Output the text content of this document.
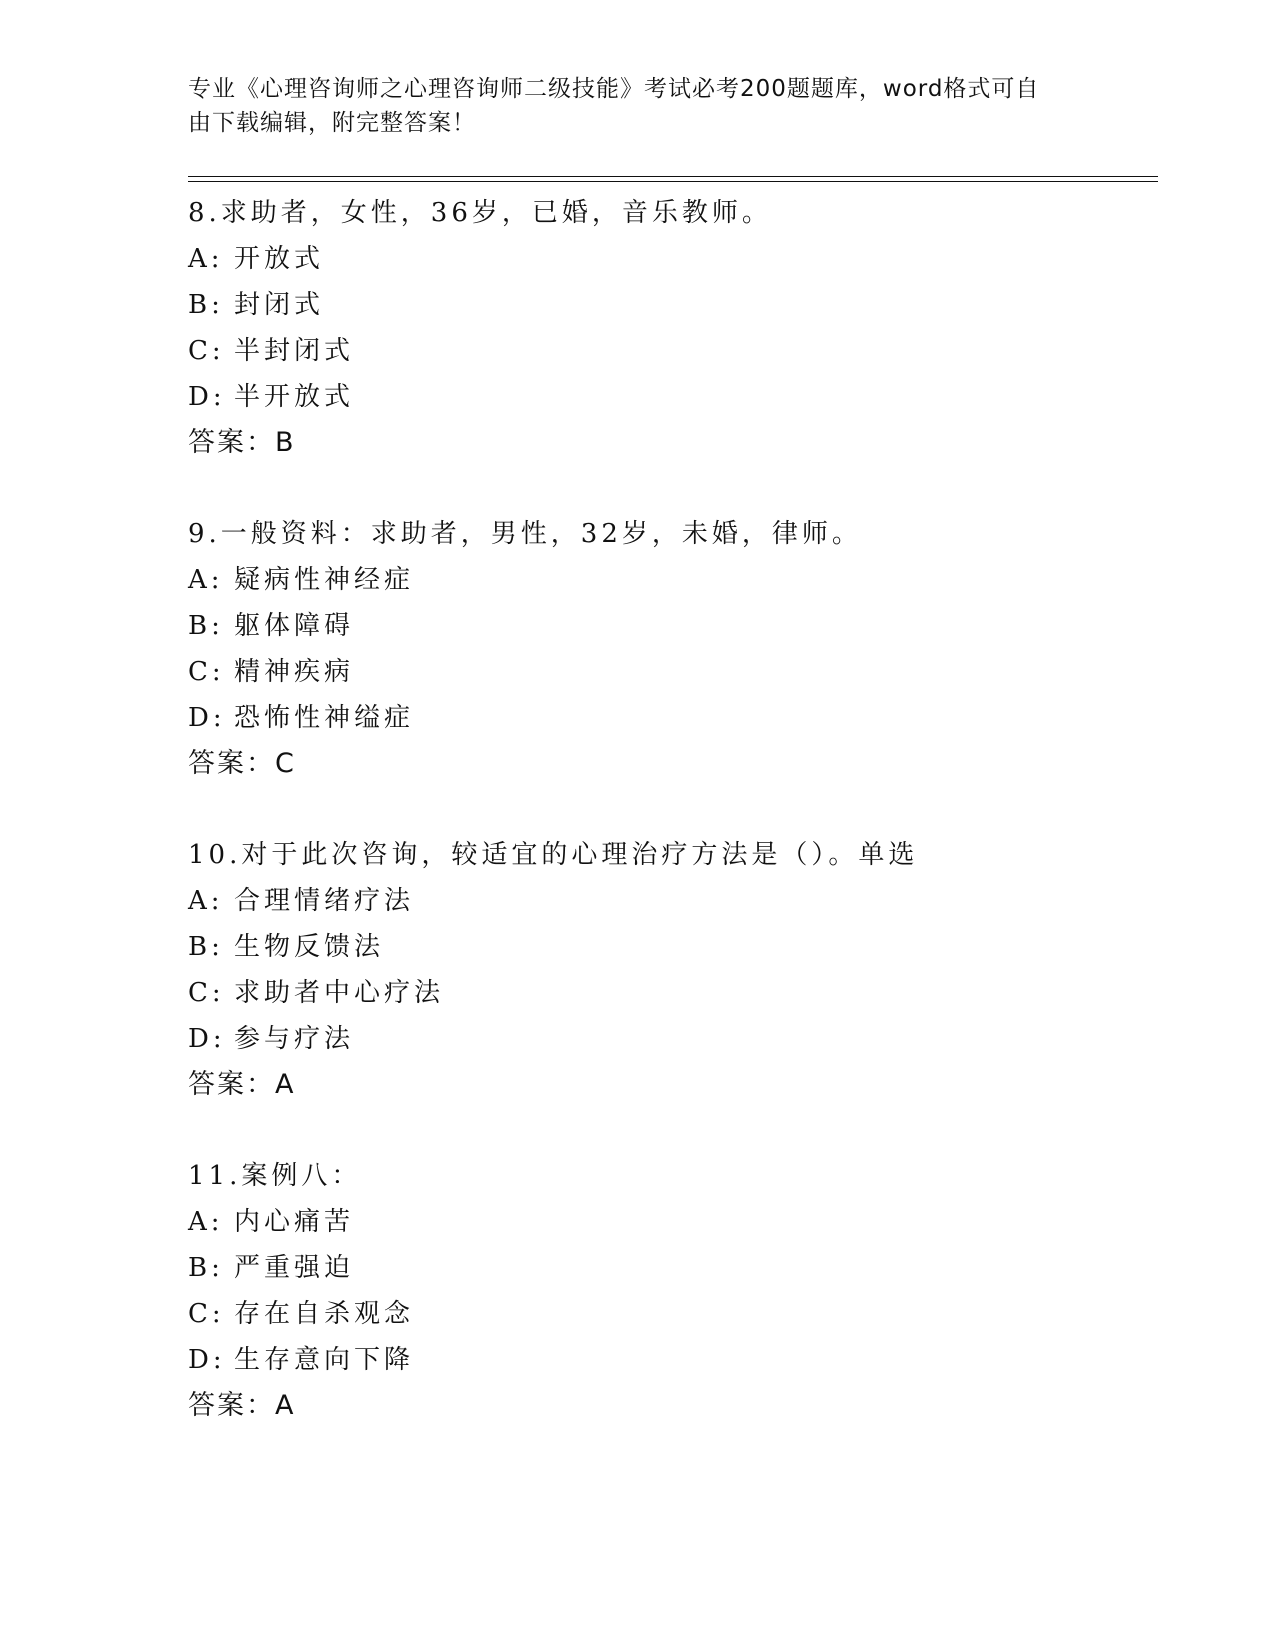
专业《心理咨询师之心理咨询师二级技能》考试必考200题题库，word格式可自
由下载编辑，附完整答案！
8.求助者，女性，36岁，已婚，音乐教师。
A: 开放式
B: 封闭式
C: 半封闭式
D: 半开放式
答案：B
9.一般资料：求助者，男性，32岁，未婚，律师。
A: 疑病性神经症
B: 躯体障碍
C: 精神疾病
D: 恐怖性神缢症
答案：C
10.对于此次咨询，较适宜的心理治疗方法是（）。单选
A: 合理情绪疗法
B: 生物反馈法
C: 求助者中心疗法
D: 参与疗法
答案：A
11.案例八：
A: 内心痛苦
B: 严重强迫
C: 存在自杀观念
D: 生存意向下降
答案：A
